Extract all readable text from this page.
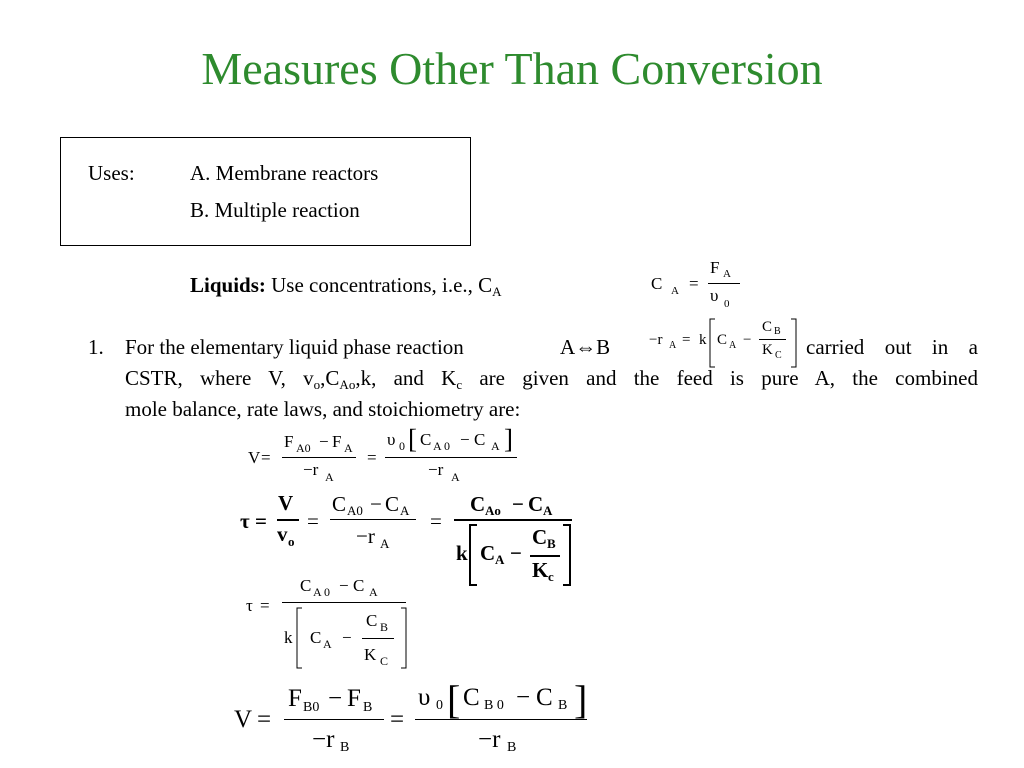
Measures Other Than Conversion
Uses:	A. Membrane reactors
B. Multiple reaction
Liquids: Use concentrations, i.e., CA	C A =
F A
υ 0
−r A = k C A −
C B
K C
1. For the elementary liquid phase reaction	A⇔B	carried out in a
CSTR, where V, vo,CAo,k, and Kc are given and the feed is pure A, the combined
mole balance, rate laws, and stoichiometry are:
V =
F A0 − F A
−r A
=
υ 0 [ C A 0 − C A ]
−r A
τ =
V
v o
=
C A0 − C A
−r A
=
C Ao − C A
k C A −
C B
K c
τ =
C A 0 − C A
k C A −
C B
K C
V =
F B0 − F B
−r B
=
υ 0 [ C B 0 − C B ]
−r B
